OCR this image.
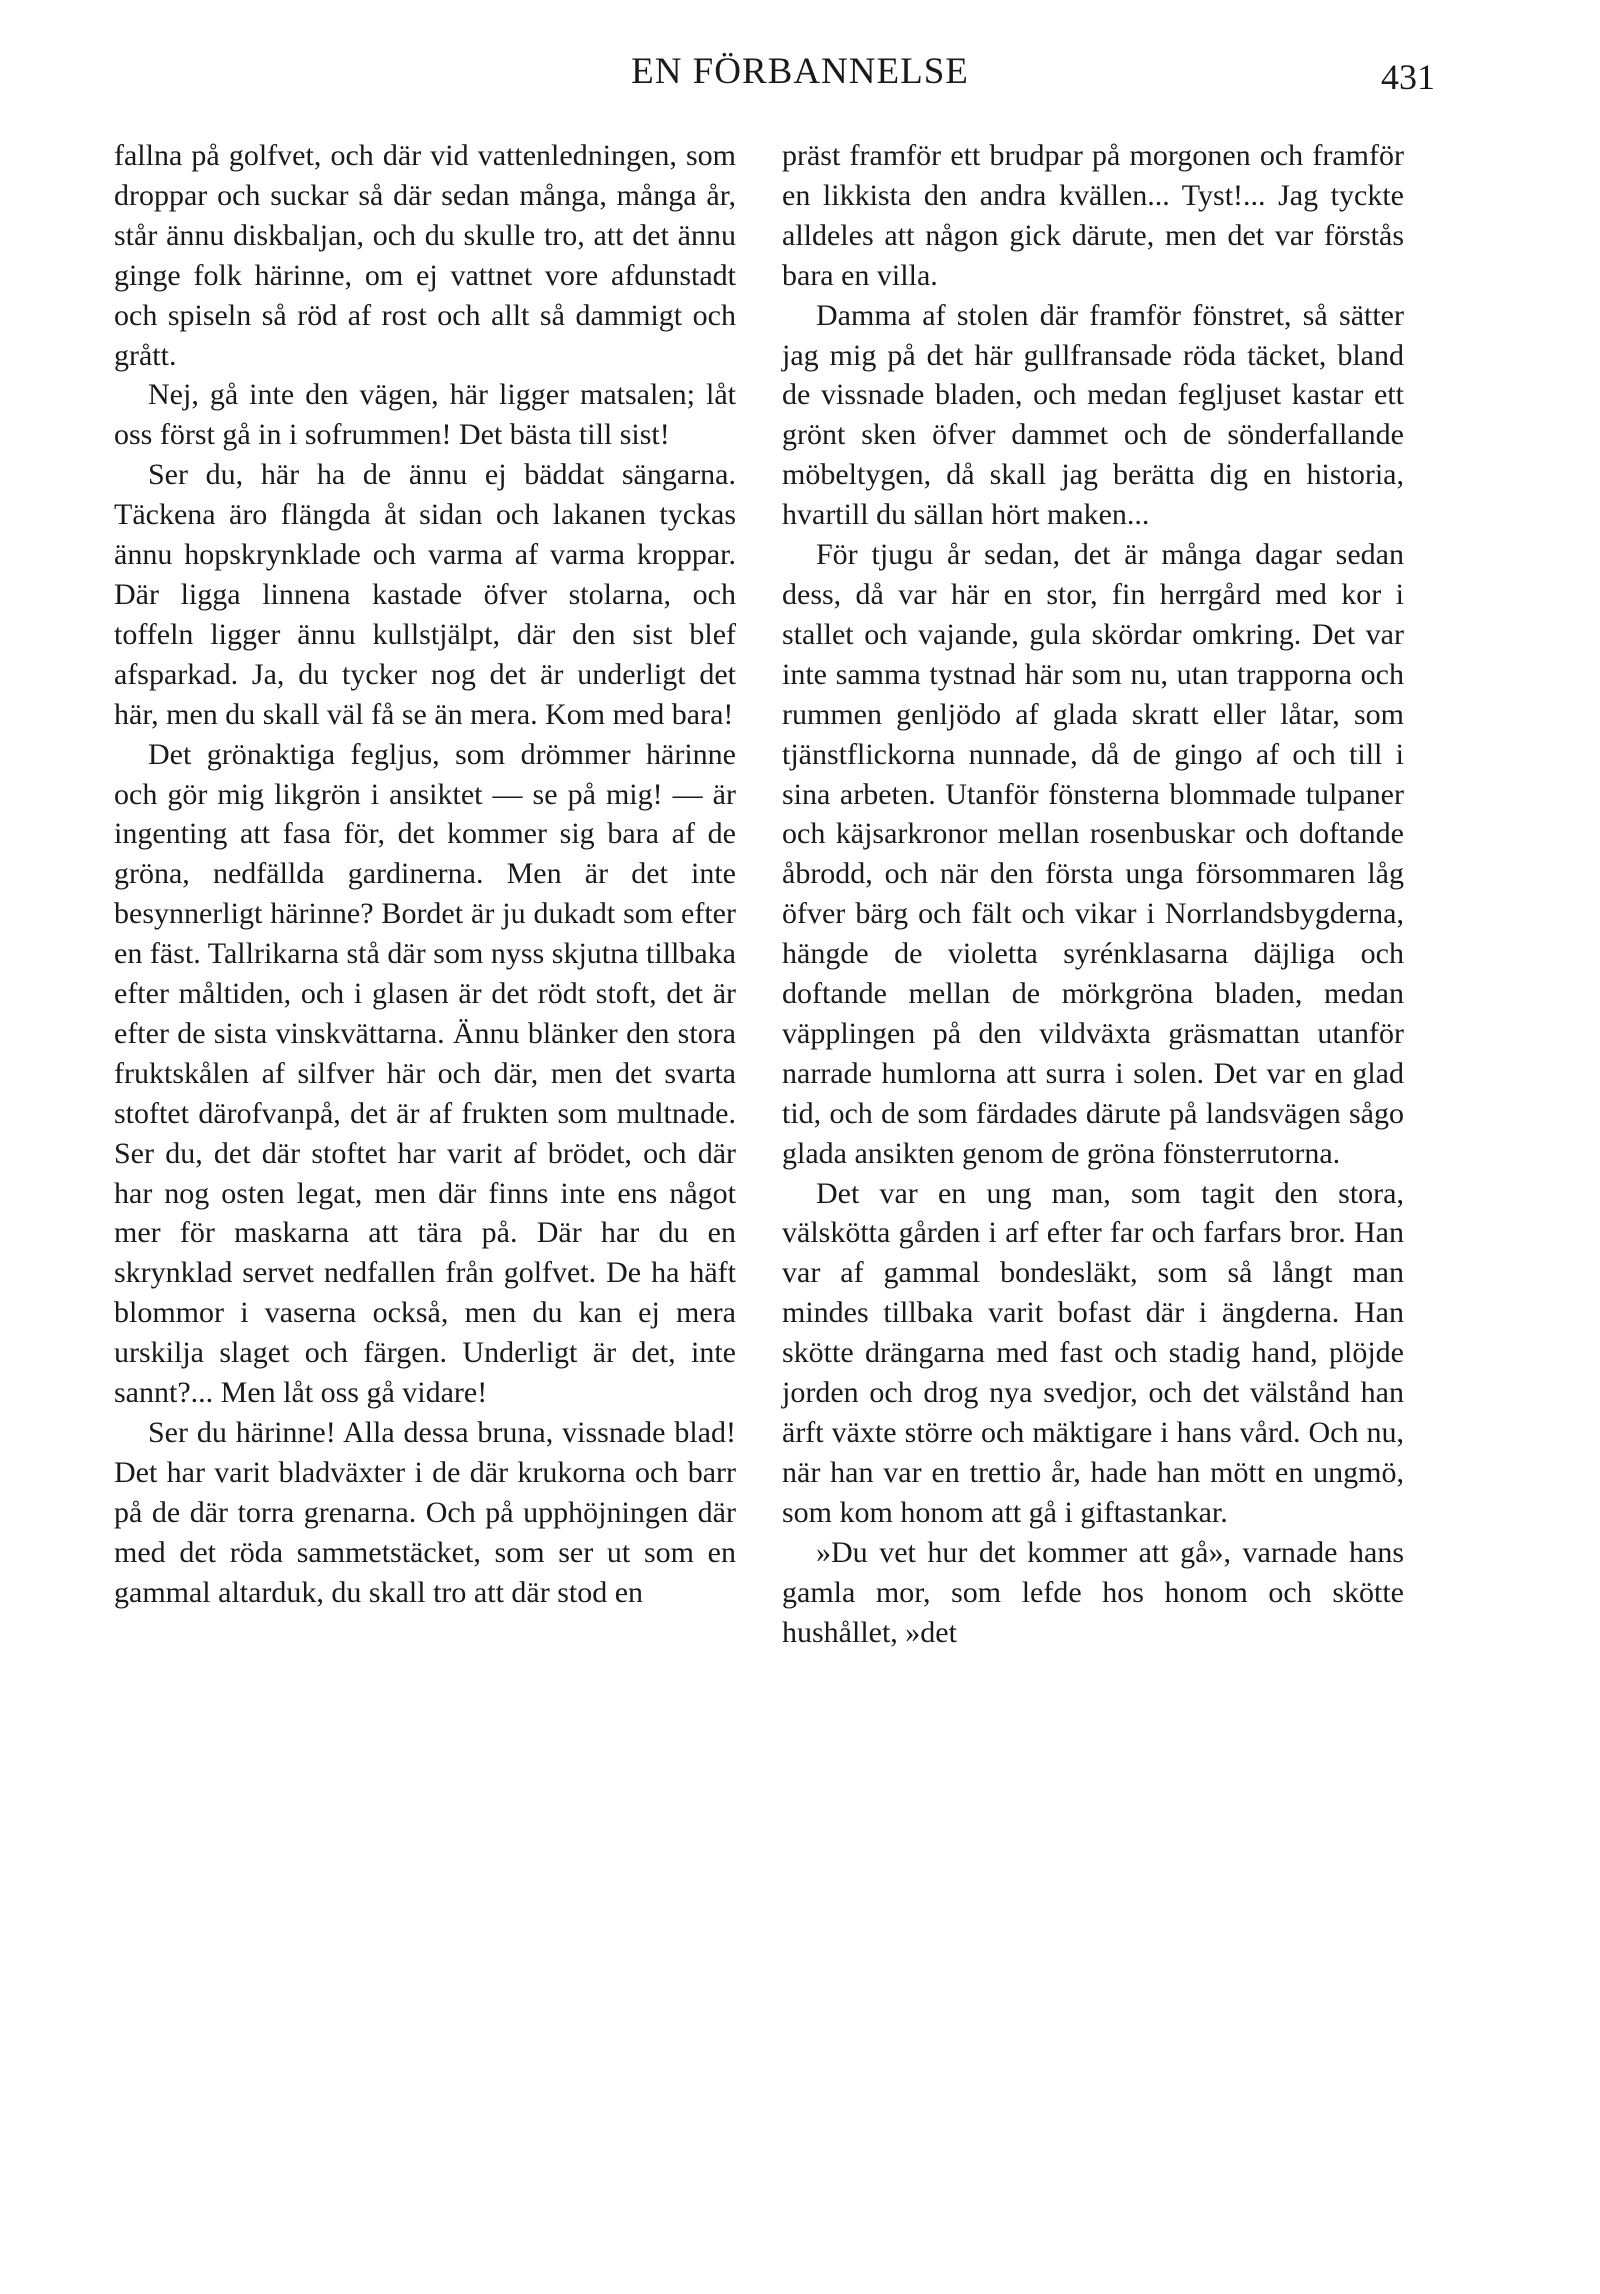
EN FÖRBANNELSE	431

fallna på golfvet, och där vid vattenledningen, som droppar och suckar så där sedan många, många år, står ännu diskbaljan, och du skulle tro, att det ännu ginge folk härinne, om ej vattnet vore afdunstadt och spiseln så röd af rost och allt så dammigt och grått.

Nej, gå inte den vägen, här ligger matsalen; låt oss först gå in i sofrummen! Det bästa till sist!

Ser du, här ha de ännu ej bäddat sängarna. Täckena äro flängda åt sidan och lakanen tyckas ännu hopskrynklade och varma af varma kroppar. Där ligga linnena kastade öfver stolarna, och toffeln ligger ännu kullstjälpt, där den sist blef afsparkad. Ja, du tycker nog det är underligt det här, men du skall väl få se än mera. Kom med bara!

Det grönaktiga fegljus, som drömmer härinne och gör mig likgrön i ansiktet — se på mig! — är ingenting att fasa för, det kommer sig bara af de gröna, nedfällda gardinerna. Men är det inte besynnerligt härinne? Bordet är ju dukadt som efter en fäst. Tallrikarna stå där som nyss skjutna tillbaka efter måltiden, och i glasen är det rödt stoft, det är efter de sista vinskvättarna. Ännu blänker den stora fruktskålen af silfver här och där, men det svarta stoftet därofvanpå, det är af frukten som multnade. Ser du, det där stoftet har varit af brödet, och där har nog osten legat, men där finns inte ens något mer för maskarna att tära på. Där har du en skrynklad servet nedfallen från golfvet. De ha häft blommor i vaserna också, men du kan ej mera urskilja slaget och färgen. Underligt är det, inte sannt?... Men låt oss gå vidare!

Ser du härinne! Alla dessa bruna, vissnade blad! Det har varit bladväxter i de där krukorna och barr på de där torra grenarna. Och på upphöjningen där med det röda sammetstäcket, som ser ut som en gammal altarduk, du skall tro att där stod en

präst framför ett brudpar på morgonen och framför en likkista den andra kvällen... Tyst!... Jag tyckte alldeles att någon gick därute, men det var förstås bara en villa.

Damma af stolen där framför fönstret, så sätter jag mig på det här gullfransade röda täcket, bland de vissnade bladen, och medan fegljuset kastar ett grönt sken öfver dammet och de sönderfallande möbeltygen, då skall jag berätta dig en historia, hvartill du sällan hört maken...

För tjugu år sedan, det är många dagar sedan dess, då var här en stor, fin herrgård med kor i stallet och vajande, gula skördar omkring. Det var inte samma tystnad här som nu, utan trapporna och rummen genljödo af glada skratt eller låtar, som tjänstflickorna nunnade, då de gingo af och till i sina arbeten. Utanför fönsterna blommade tulpaner och käjsarkronor mellan rosenbuskar och doftande åbrodd, och när den första unga försommaren låg öfver bärg och fält och vikar i Norrlandsbygderna, hängde de violetta syrénklasarna däjliga och doftande mellan de mörkgröna bladen, medan väpplingen på den vildväxta gräsmattan utanför narrade humlorna att surra i solen. Det var en glad tid, och de som färdades därute på landsvägen sågo glada ansikten genom de gröna fönsterrutorna.

Det var en ung man, som tagit den stora, välskötta gården i arf efter far och farfars bror. Han var af gammal bondesläkt, som så långt man mindes tillbaka varit bofast där i ängderna. Han skötte drängarna med fast och stadig hand, plöjde jorden och drog nya svedjor, och det välstånd han ärft växte större och mäktigare i hans vård. Och nu, när han var en trettio år, hade han mött en ungmö, som kom honom att gå i giftastankar.

»Du vet hur det kommer att gå», varnade hans gamla mor, som lefde hos honom och skötte hushållet, »det
